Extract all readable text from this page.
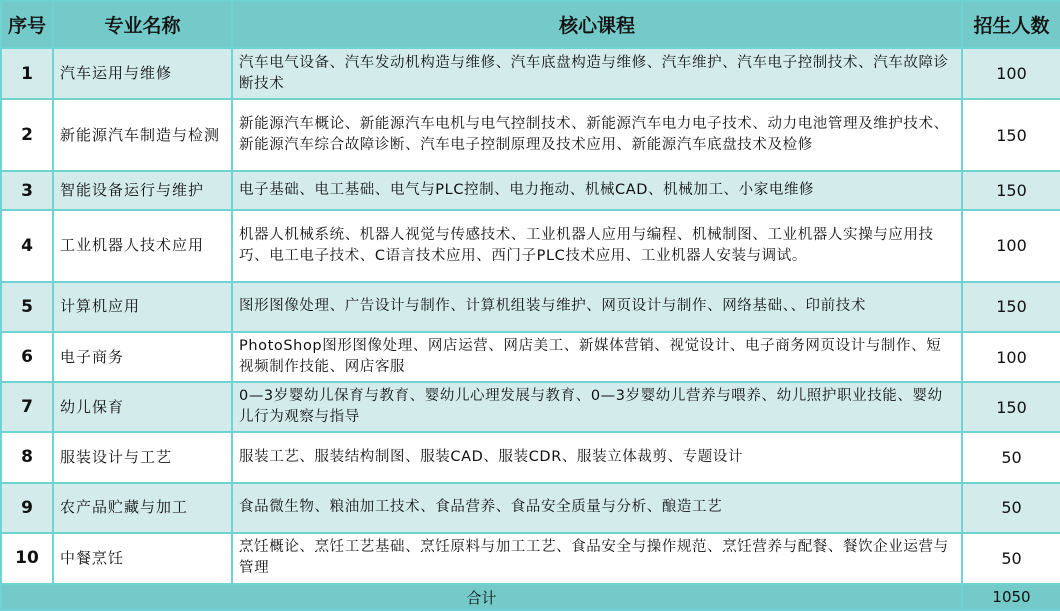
序号	专业名称	核心课程	招生人数
1	汽车运用与维修	汽车电气设备、汽车发动机构造与维修、汽车底盘构造与维修、汽车维护、汽车电子控制技术、汽车故障诊断技术	100
2	新能源汽车制造与检测	新能源汽车概论、新能源汽车电机与电气控制技术、新能源汽车电力电子技术、动力电池管理及维护技术、新能源汽车综合故障诊断、汽车电子控制原理及技术应用、新能源汽车底盘技术及检修	150
3	智能设备运行与维护	电子基础、电工基础、电气与PLC控制、电力拖动、机械CAD、机械加工、小家电维修	150
4	工业机器人技术应用	机器人机械系统、机器人视觉与传感技术、工业机器人应用与编程、机械制图、工业机器人实操与应用技巧、电工电子技术、C语言技术应用、西门子PLC技术应用、工业机器人安装与调试。	100
5	计算机应用	图形图像处理、广告设计与制作、计算机组装与维护、网页设计与制作、网络基础、、印前技术	150
6	电子商务	PhotoShop图形图像处理、网店运营、网店美工、新媒体营销、视觉设计、电子商务网页设计与制作、短视频制作技能、网店客服	100
7	幼儿保育	0—3岁婴幼儿保育与教育、婴幼儿心理发展与教育、0—3岁婴幼儿营养与喂养、幼儿照护职业技能、婴幼儿行为观察与指导	150
8	服装设计与工艺	服装工艺、服装结构制图、服装CAD、服装CDR、服装立体裁剪、专题设计	50
9	农产品贮藏与加工	食品微生物、粮油加工技术、食品营养、食品安全质量与分析、酿造工艺	50
10	中餐烹饪	烹饪概论、烹饪工艺基础、烹饪原料与加工工艺、食品安全与操作规范、烹饪营养与配餐、餐饮企业运营与管理	50
合计			1050
